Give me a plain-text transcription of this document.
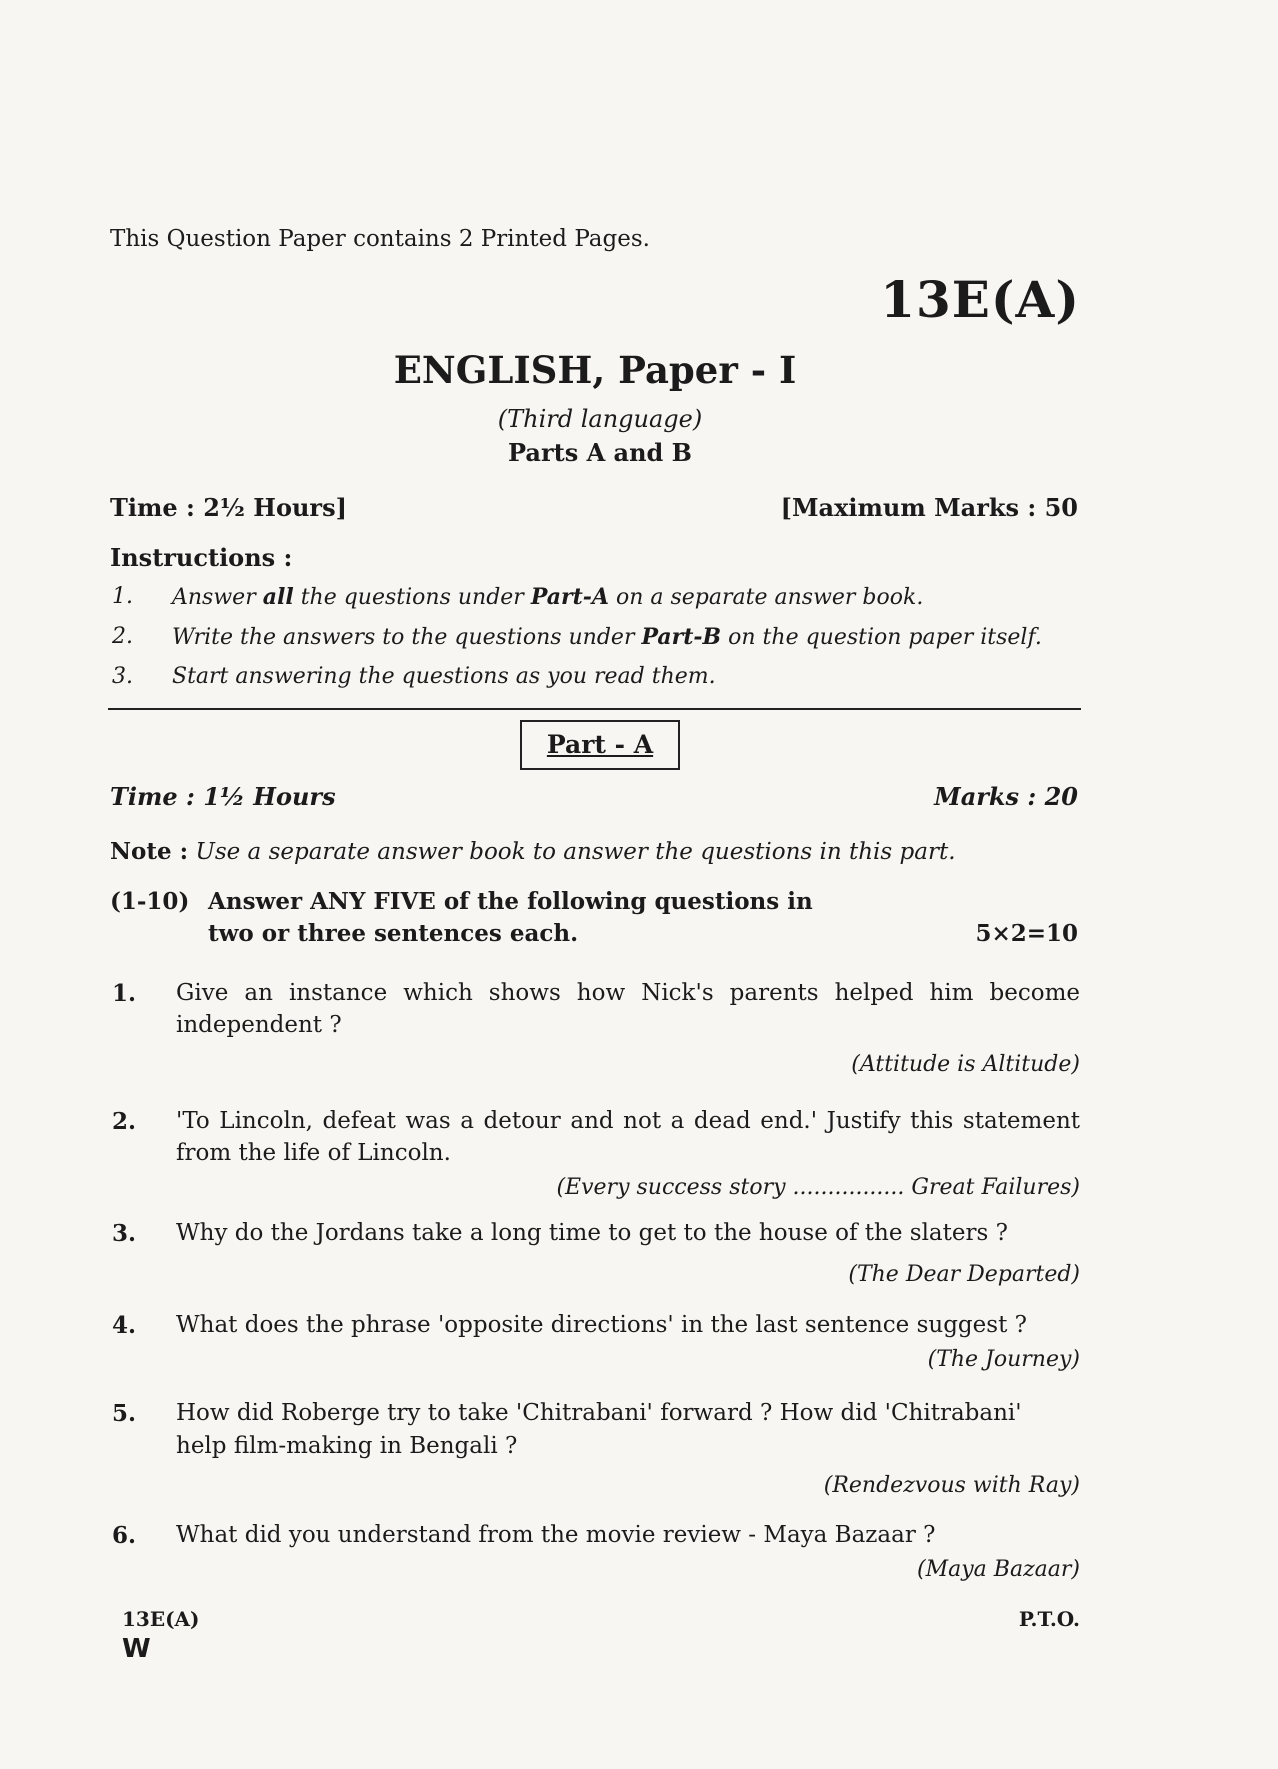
This Question Paper contains 2 Printed Pages.
13E(A)
ENGLISH, Paper - I
(Third language)
Parts A and B
Time : 2½ Hours]	[Maximum Marks : 50
Instructions :
1. Answer all the questions under Part-A on a separate answer book.
2. Write the answers to the questions under Part-B on the question paper itself.
3. Start answering the questions as you read them.
Part - A
Time : 1½ Hours	Marks : 20
Note : Use a separate answer book to answer the questions in this part.
(1-10) Answer ANY FIVE of the following questions in
two or three sentences each.	5×2=10
1. Give an instance which shows how Nick's parents helped him become
independent ?
(Attitude is Altitude)
2. 'To Lincoln, defeat was a detour and not a dead end.' Justify this statement
from the life of Lincoln.
(Every success story ................ Great Failures)
3. Why do the Jordans take a long time to get to the house of the slaters ?
(The Dear Departed)
4. What does the phrase 'opposite directions' in the last sentence suggest ?
(The Journey)
5. How did Roberge try to take 'Chitrabani' forward ? How did 'Chitrabani'
help film-making in Bengali ?
(Rendezvous with Ray)
6. What did you understand from the movie review - Maya Bazaar ?
(Maya Bazaar)
13E(A)
W
P.T.O.
